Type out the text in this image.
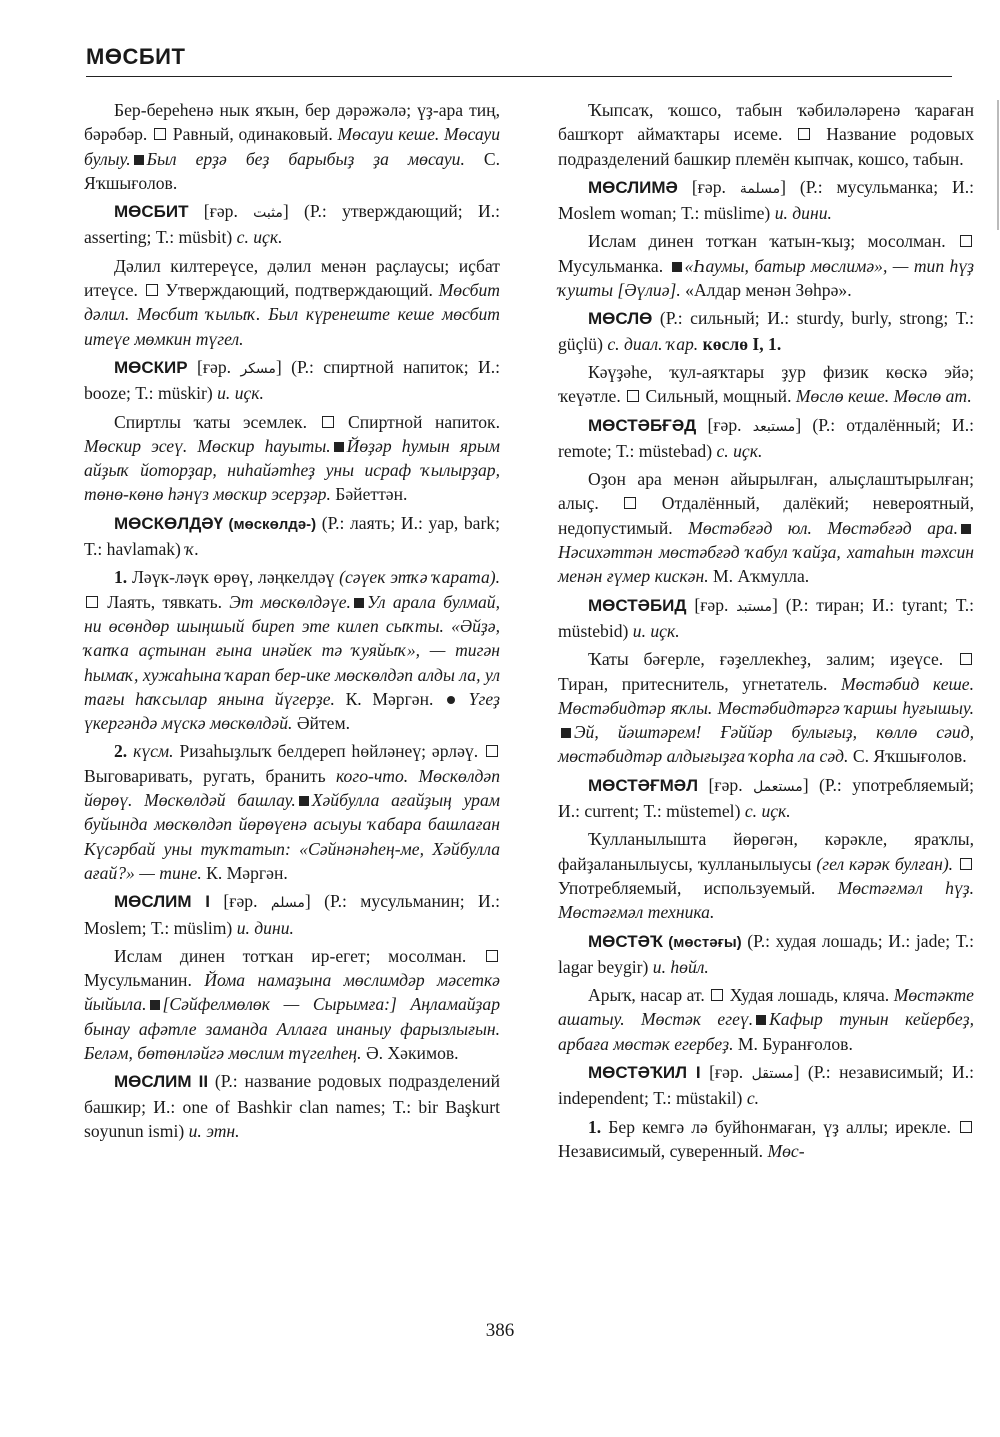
МӨСБИТ

Бер-береһенә нык яҡын, бер дәрәжәлә; үҙ-ара тиң, бәрәбәр.  Равный, одинаковый. Мөсауи кеше. Мөсауи булыу. Был ерҙә беҙ барыбыҙ ҙа мөсауи. С. Яҡшығолов.

МӨСБИТ [ғәр. مثبت] (Р.: утверждающий; И.: asserting; Т.: müsbit) с. иҫк.

Дәлил килтереүсе, дәлил менән раҫлаусы; иҫбат итеүсе.  Утверждающий, подтверждающий. Мөсбит дәлил. Мөсбит ҡылыҡ. Был күренеште кеше мөсбит итеүе мөмкин түгел.

МӨСКИР [ғәр. مسكر] (Р.: спиртной напиток; И.: booze; Т.: müskir) и. иҫк.

Спиртлы ҡаты эсемлек.  Спиртной напиток. Мөскир эсеү. Мөскир һауыты. Йөҙәр һумын ярым айҙыҡ йоторҙар, ниһайәтһеҙ уны исраф ҡылырҙар, төнө-көнө һәнүз мөскир эсерҙәр. Бәйеттән.

МӨСКӨЛДӘҮ (мөскөлдә-) (Р.: лаять; И.: yap, bark; Т.: havlamak) ҡ.

1. Ләүк-ләүк өрөү, ләңкелдәү (сәүек этҡә ҡарата).  Лаять, тявкать. Эт мөскөлдәүе. Ул арала булмай, ни өсөндөр шыңшый биреп эте килеп сыҡты. «Әйҙә, ҡапҡа аҫтынан ғына инәйек тә ҡуяйыҡ», — тигән һымаҡ, хужаһына ҡарап бер-ике мөскөлдәп алды ла, ул тағы һаҡсылар янына йүгерҙе. К. Мәргән.  Үгеҙ үкергәндә мүскә мөскөлдәй. Әйтем.

2. күсм. Ризаһыҙлыҡ белдереп һөйләнеү; әрләү.  Выговаривать, ругать, бранить кого-что. Мөскөлдәп йөрөү. Мөскөлдәй башлау. Хәйбулла ағайҙың урам буйында мөскөлдәп йөрөүенә асыуы ҡабара башлаған Күсәрбай уны туҡтатып: «Сәйнәнәһең-ме, Хәйбулла ағай?» — тине. К. Мәргән.

МӨСЛИМ I [ғәр. مسلم] (Р.: мусульманин; И.: Moslem; Т.: müslim) и. дини.

Ислам динен тотҡан ир-егет; мосолман.  Мусульманин. Йома намаҙына мөслимдәр мәсеткә йыйыла. [Сәйфелмөлөк — Сырымға:] Аңламайҙар бынау афәтле заманда Аллаға инаныу фарызлығын. Беләм, бөтөнләйгә мөслим түгелһең. Ә. Хәкимов.

МӨСЛИМ II (Р.: название родовых подразделений башкир; И.: one of Bashkir clan names; Т.: bir Başkurt soyunun ismi) и. этн.

Ҡыпсаҡ, ҡошсо, табын ҡәбиләләренә ҡараған башҡорт аймаҡтары исеме.  Название родовых подразделений башкир племён кыпчак, кошсо, табын.

МӨСЛИМӘ [ғәр. مسلمة] (Р.: мусульманка; И.: Moslem woman; Т.: müslime) и. дини.

Ислам динен тотҡан ҡатын-ҡыҙ; мосолман.  Мусульманка. «Һаумы, батыр мөслимә», — тип һүҙ ҡушты [Әүлиә]. «Алдар менән Зөһрә».

МӨСЛӨ (Р.: сильный; И.: sturdy, burly, strong; Т.: güçlü) с. диал. ҡар. көслө I, 1.

Кәүҙәһе, ҡул-аяҡтары ҙур физик көскә эйә; ҡеүәтле.  Сильный, мощный. Мөслө кеше. Мөслө ат.

МӨСТӘБҒӘД [ғәр. مستبعد] (Р.: отдалённый; И.: remote; Т.: müstebad) с. иҫк.

Оҙон ара менән айырылған, алыҫлаштырылған; алыҫ.  Отдалённый, далёкий; невероятный, недопустимый. Мөстәбғәд юл. Мөстәбғәд ара.Нәсихәттән мөстәбғәд ҡабул ҡайҙа, хатаһын тәхсин менән ғүмер кискән. М. Аҡмулла.

МӨСТӘБИД [ғәр. مستبد] (Р.: тиран; И.: tyrant; Т.: müstebid) и. иҫк.

Ҡаты бәғерле, ғәҙеллекһеҙ, залим; иҙеүсе.  Тиран, притеснитель, угнетатель. Мөстәбид кеше. Мөстәбидтәр яҡлы. Мөстәбидтәргә ҡаршы һуғышыу.Эй, йәштәрем! Ғәййәр булығыҙ, көллө сәид, мөстәбидтәр алдығыҙға ҡорһа ла сәд. С. Яҡшығолов.

МӨСТӘҒМӘЛ [ғәр. مستعمل] (Р.: употребляемый; И.: current; Т.: müstemel) с. иҫк.

Ҡулланылышта йөрөгән, кәрәкле, яраҡлы, файҙаланылыусы, ҡулланылыусы (гел кәрәк булған).  Употребляемый, используемый. Мөстәғмәл һүҙ. Мөстәғмәл техника.

МӨСТӘҠ (мөстәғы) (Р.: худая лошадь; И.: jade; Т.: lagar beygir) и. һөйл.

Арыҡ, насар ат.  Худая лошадь, кляча. Мөстәкте ашатыу. Мөстәк егеү. Кафыр тунын кейербеҙ, арбаға мөстәк егербеҙ. М. Буранғолов.

МӨСТӘҠИЛ I [ғәр. مستقل] (Р.: независимый; И.: independent; Т.: müstakil) с.

1. Бер кемгә лә буйһонмаған, үҙ аллы; ирекле.  Независимый, суверенный. Мөс-

386
